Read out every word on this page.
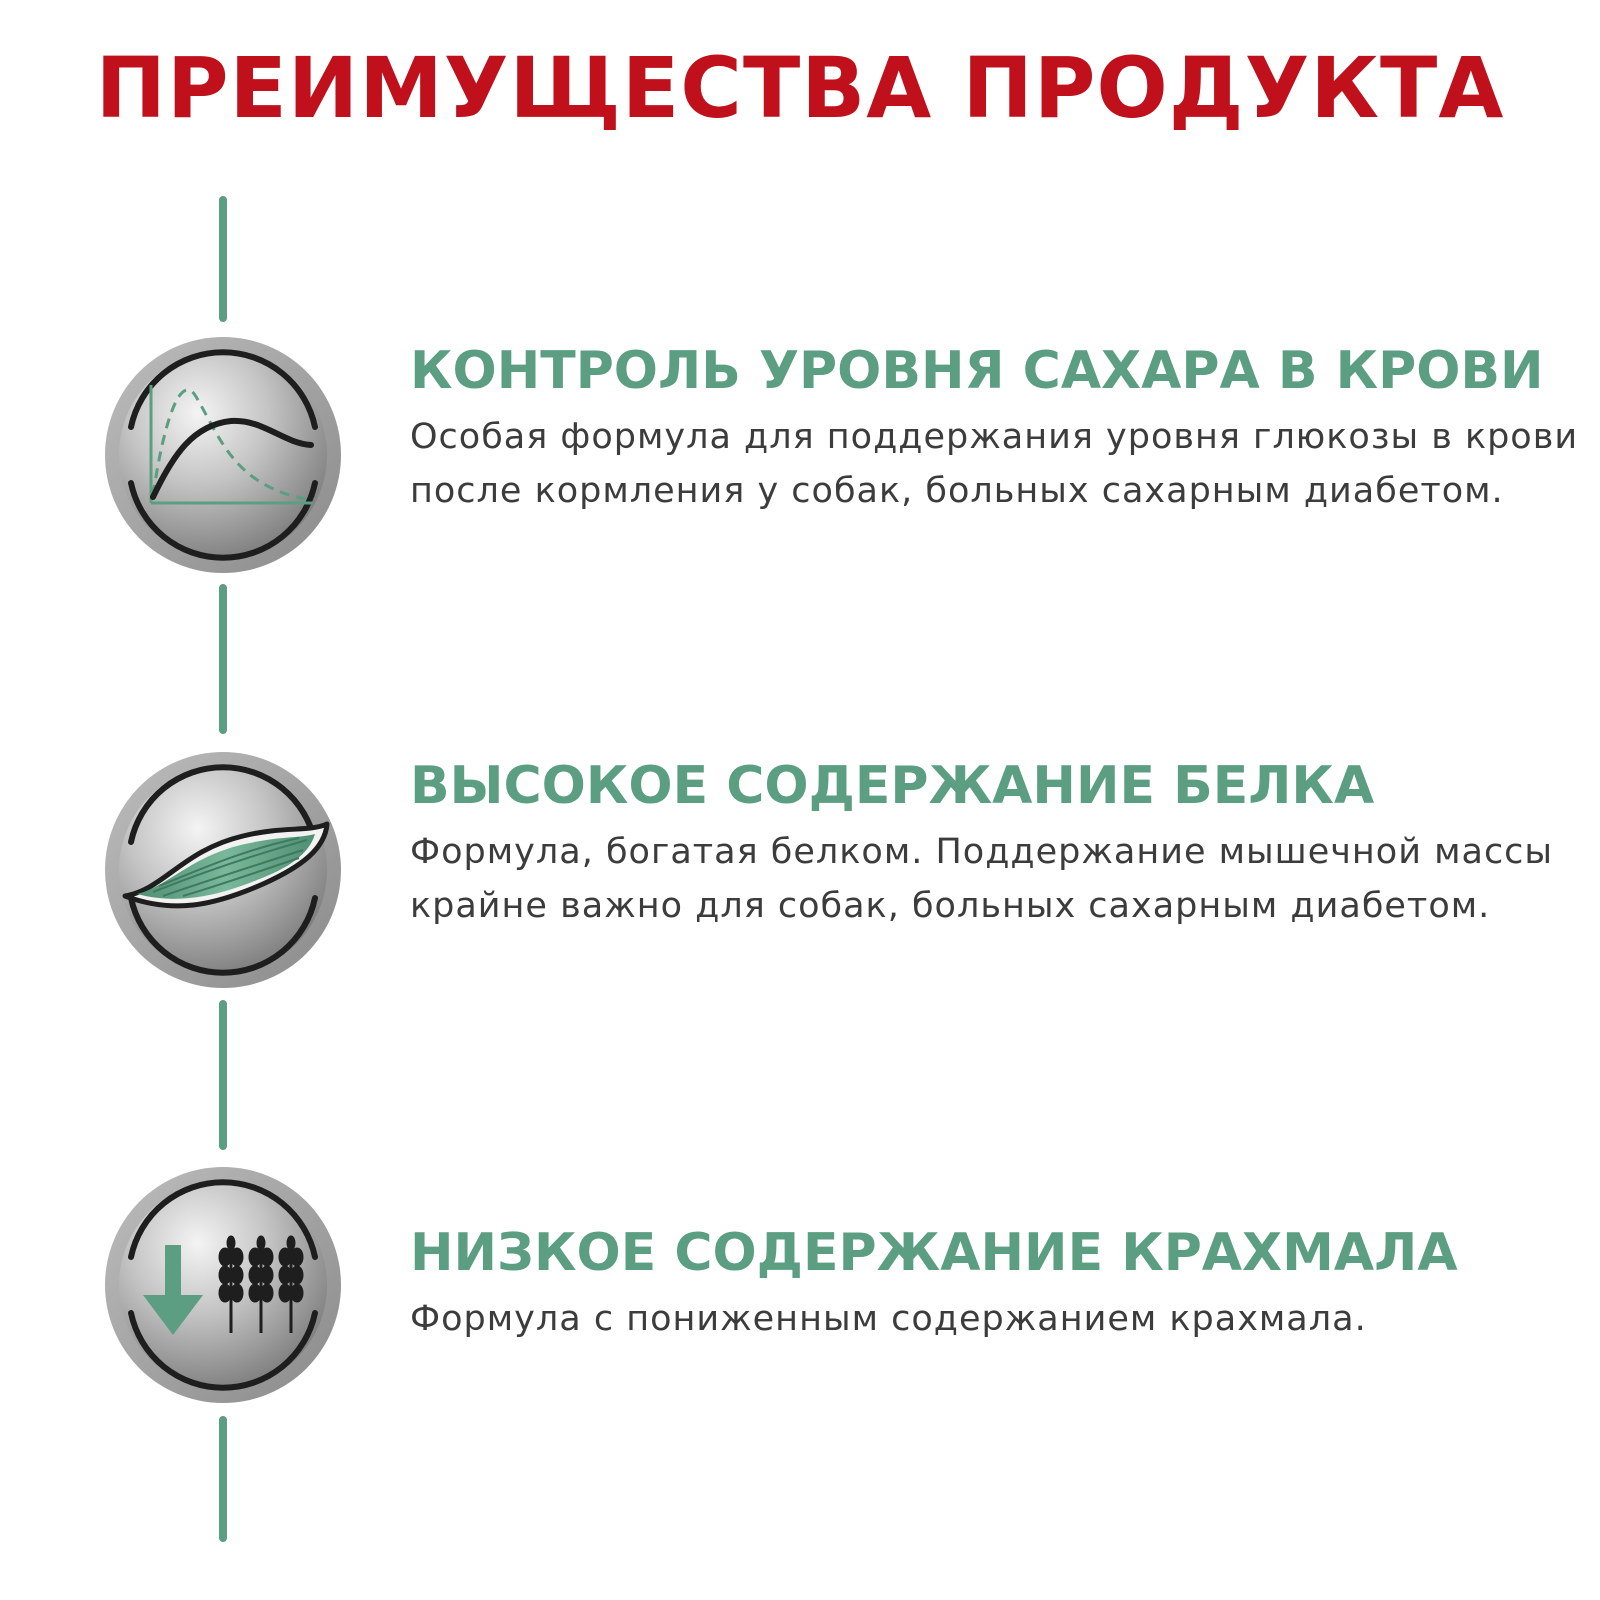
ПРЕИМУЩЕСТВА ПРОДУКТА
КОНТРОЛЬ УРОВНЯ САХАРА В КРОВИ

Особая формула для поддержания уровня глюкозы в крови после кормления у собак, больных сахарным диабетом.

ВЫСОКОЕ СОДЕРЖАНИЕ БЕЛКА

Формула, богатая белком. Поддержание мышечной массы крайне важно для собак, больных сахарным диабетом.

НИЗКОЕ СОДЕРЖАНИЕ КРАХМАЛА

Формула с пониженным содержанием крахмала.
